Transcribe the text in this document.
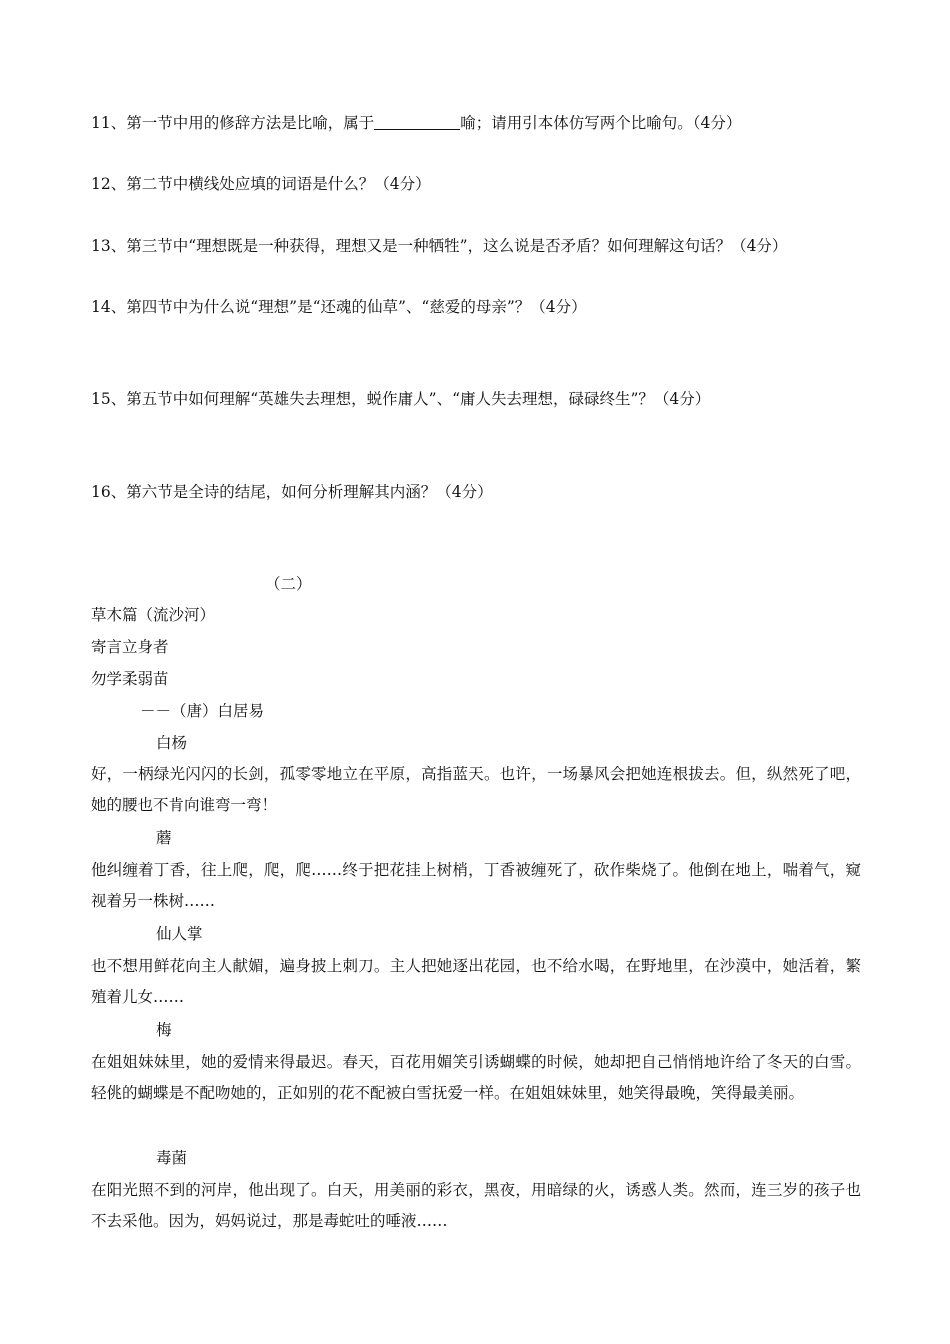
11、第一节中用的修辞方法是比喻，属于	喻；请用引本体仿写两个比喻句。（4分）
12、第二节中横线处应填的词语是什么？（4分）
13、第三节中“理想既是一种获得，理想又是一种牺牲”，这么说是否矛盾？如何理解这句话？（4分）
14、第四节中为什么说“理想”是“还魂的仙草”、“慈爱的母亲”？（4分）
15、第五节中如何理解“英雄失去理想，蜕作庸人”、“庸人失去理想，碌碌终生”？（4分）
16、第六节是全诗的结尾，如何分析理解其内涵？（4分）
（二）
草木篇（流沙河）
寄言立身者
勿学柔弱苗
－－（唐）白居易
白杨
好，一柄绿光闪闪的长剑，孤零零地立在平原，高指蓝天。也许，一场暴风会把她连根拔去。但，纵然死了吧，她的腰也不肯向谁弯一弯！
蘑
他纠缠着丁香，往上爬，爬，爬……终于把花挂上树梢，丁香被缠死了，砍作柴烧了。他倒在地上，喘着气，窥视着另一株树……
仙人掌
也不想用鲜花向主人献媚，遍身披上刺刀。主人把她逐出花园，也不给水喝，在野地里，在沙漠中，她活着，繁殖着儿女……
梅
在姐姐妹妹里，她的爱情来得最迟。春天，百花用媚笑引诱蝴蝶的时候，她却把自己悄悄地许给了冬天的白雪。轻佻的蝴蝶是不配吻她的，正如别的花不配被白雪抚爱一样。在姐姐妹妹里，她笑得最晚，笑得最美丽。
毒菌
在阳光照不到的河岸，他出现了。白天，用美丽的彩衣，黑夜，用暗绿的火，诱惑人类。然而，连三岁的孩子也不去采他。因为，妈妈说过，那是毒蛇吐的唾液……
